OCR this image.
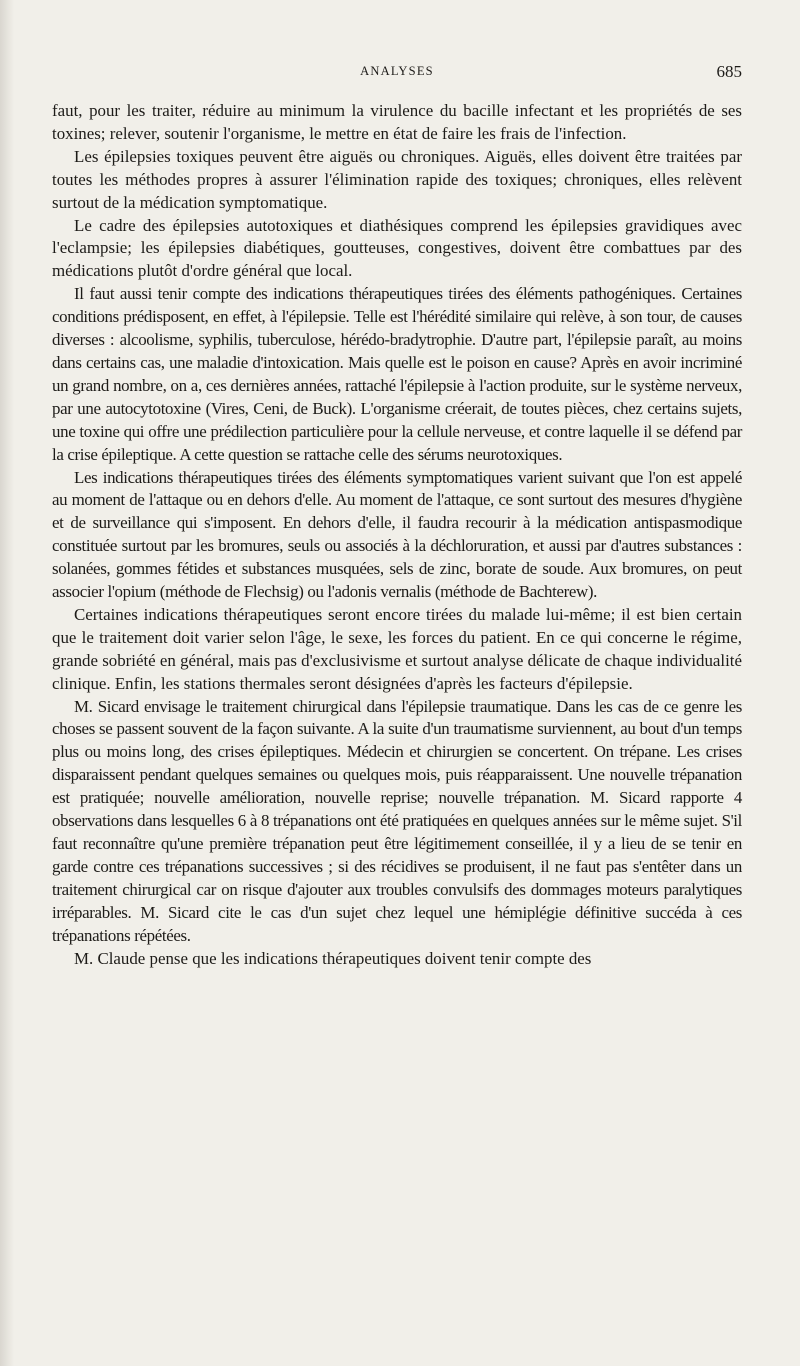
ANALYSES	685

faut, pour les traiter, réduire au minimum la virulence du bacille infectant et les propriétés de ses toxines; relever, soutenir l'organisme, le mettre en état de faire les frais de l'infection.

Les épilepsies toxiques peuvent être aiguës ou chroniques. Aiguës, elles doivent être traitées par toutes les méthodes propres à assurer l'élimination rapide des toxiques; chroniques, elles relèvent surtout de la médication symptomatique.

Le cadre des épilepsies autotoxiques et diathésiques comprend les épilepsies gravidiques avec l'eclampsie; les épilepsies diabétiques, goutteuses, congestives, doivent être combattues par des médications plutôt d'ordre général que local.

Il faut aussi tenir compte des indications thérapeutiques tirées des éléments pathogéniques. Certaines conditions prédisposent, en effet, à l'épilepsie. Telle est l'hérédité similaire qui relève, à son tour, de causes diverses : alcoolisme, syphilis, tuberculose, hérédo-bradytrophie. D'autre part, l'épilepsie paraît, au moins dans certains cas, une maladie d'intoxication. Mais quelle est le poison en cause? Après en avoir incriminé un grand nombre, on a, ces dernières années, rattaché l'épilepsie à l'action produite, sur le système nerveux, par une autocytotoxine (Vires, Ceni, de Buck). L'organisme créerait, de toutes pièces, chez certains sujets, une toxine qui offre une prédilection particulière pour la cellule nerveuse, et contre laquelle il se défend par la crise épileptique. A cette question se rattache celle des sérums neurotoxiques.

Les indications thérapeutiques tirées des éléments symptomatiques varient suivant que l'on est appelé au moment de l'attaque ou en dehors d'elle. Au moment de l'attaque, ce sont surtout des mesures d'hygiène et de surveillance qui s'imposent. En dehors d'elle, il faudra recourir à la médication antispasmodique constituée surtout par les bromures, seuls ou associés à la déchloruration, et aussi par d'autres substances : solanées, gommes fétides et substances musquées, sels de zinc, borate de soude. Aux bromures, on peut associer l'opium (méthode de Flechsig) ou l'adonis vernalis (méthode de Bachterew).

Certaines indications thérapeutiques seront encore tirées du malade lui-même; il est bien certain que le traitement doit varier selon l'âge, le sexe, les forces du patient. En ce qui concerne le régime, grande sobriété en général, mais pas d'exclusivisme et surtout analyse délicate de chaque individualité clinique. Enfin, les stations thermales seront désignées d'après les facteurs d'épilepsie.

M. Sicard envisage le traitement chirurgical dans l'épilepsie traumatique. Dans les cas de ce genre les choses se passent souvent de la façon suivante. A la suite d'un traumatisme surviennent, au bout d'un temps plus ou moins long, des crises épileptiques. Médecin et chirurgien se concertent. On trépane. Les crises disparaissent pendant quelques semaines ou quelques mois, puis réapparaissent. Une nouvelle trépanation est pratiquée; nouvelle amélioration, nouvelle reprise; nouvelle trépanation. M. Sicard rapporte 4 observations dans lesquelles 6 à 8 trépanations ont été pratiquées en quelques années sur le même sujet. S'il faut reconnaître qu'une première trépanation peut être légitimement conseillée, il y a lieu de se tenir en garde contre ces trépanations successives ; si des récidives se produisent, il ne faut pas s'entêter dans un traitement chirurgical car on risque d'ajouter aux troubles convulsifs des dommages moteurs paralytiques irréparables. M. Sicard cite le cas d'un sujet chez lequel une hémiplégie définitive succéda à ces trépanations répétées.

M. Claude pense que les indications thérapeutiques doivent tenir compte des
